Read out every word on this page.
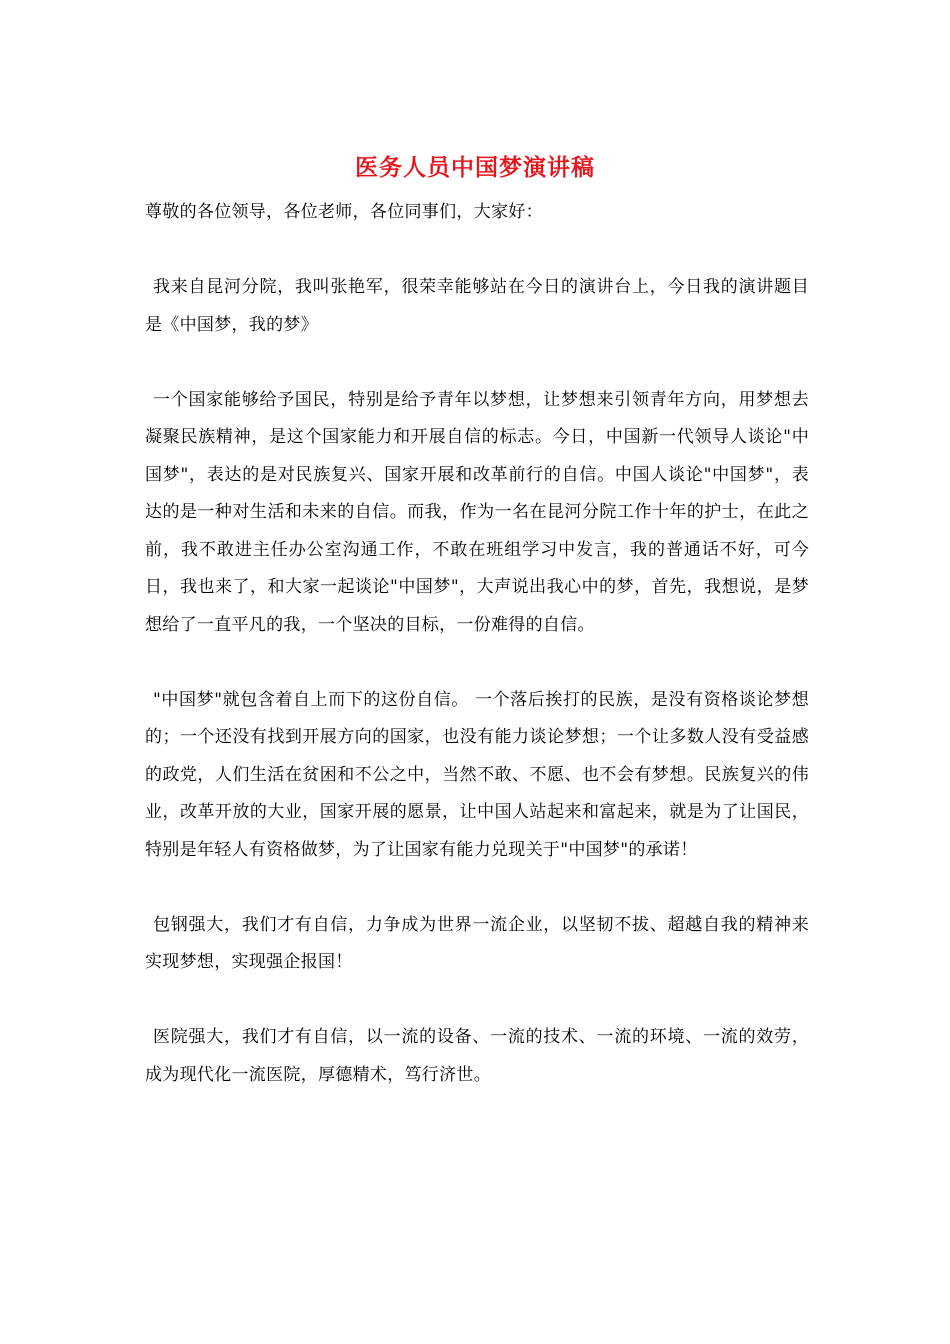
医务人员中国梦演讲稿

尊敬的各位领导，各位老师，各位同事们，大家好：

我来自昆河分院，我叫张艳军，很荣幸能够站在今日的演讲台上，今日我的演讲题目是《中国梦，我的梦》

一个国家能够给予国民，特别是给予青年以梦想，让梦想来引领青年方向，用梦想去凝聚民族精神，是这个国家能力和开展自信的标志。今日，中国新一代领导人谈论"中国梦"，表达的是对民族复兴、国家开展和改革前行的自信。中国人谈论"中国梦"，表达的是一种对生活和未来的自信。而我，作为一名在昆河分院工作十年的护士，在此之前，我不敢进主任办公室沟通工作，不敢在班组学习中发言，我的普通话不好，可今日，我也来了，和大家一起谈论"中国梦"，大声说出我心中的梦，首先，我想说，是梦想给了一直平凡的我，一个坚决的目标，一份难得的自信。

"中国梦"就包含着自上而下的这份自信。 一个落后挨打的民族，是没有资格谈论梦想的；一个还没有找到开展方向的国家，也没有能力谈论梦想；一个让多数人没有受益感的政党，人们生活在贫困和不公之中，当然不敢、不愿、也不会有梦想。民族复兴的伟业，改革开放的大业，国家开展的愿景，让中国人站起来和富起来，就是为了让国民，特别是年轻人有资格做梦，为了让国家有能力兑现关于"中国梦"的承诺！

包钢强大，我们才有自信，力争成为世界一流企业，以坚韧不拔、超越自我的精神来实现梦想，实现强企报国！

医院强大，我们才有自信，以一流的设备、一流的技术、一流的环境、一流的效劳，成为现代化一流医院，厚德精术，笃行济世。
